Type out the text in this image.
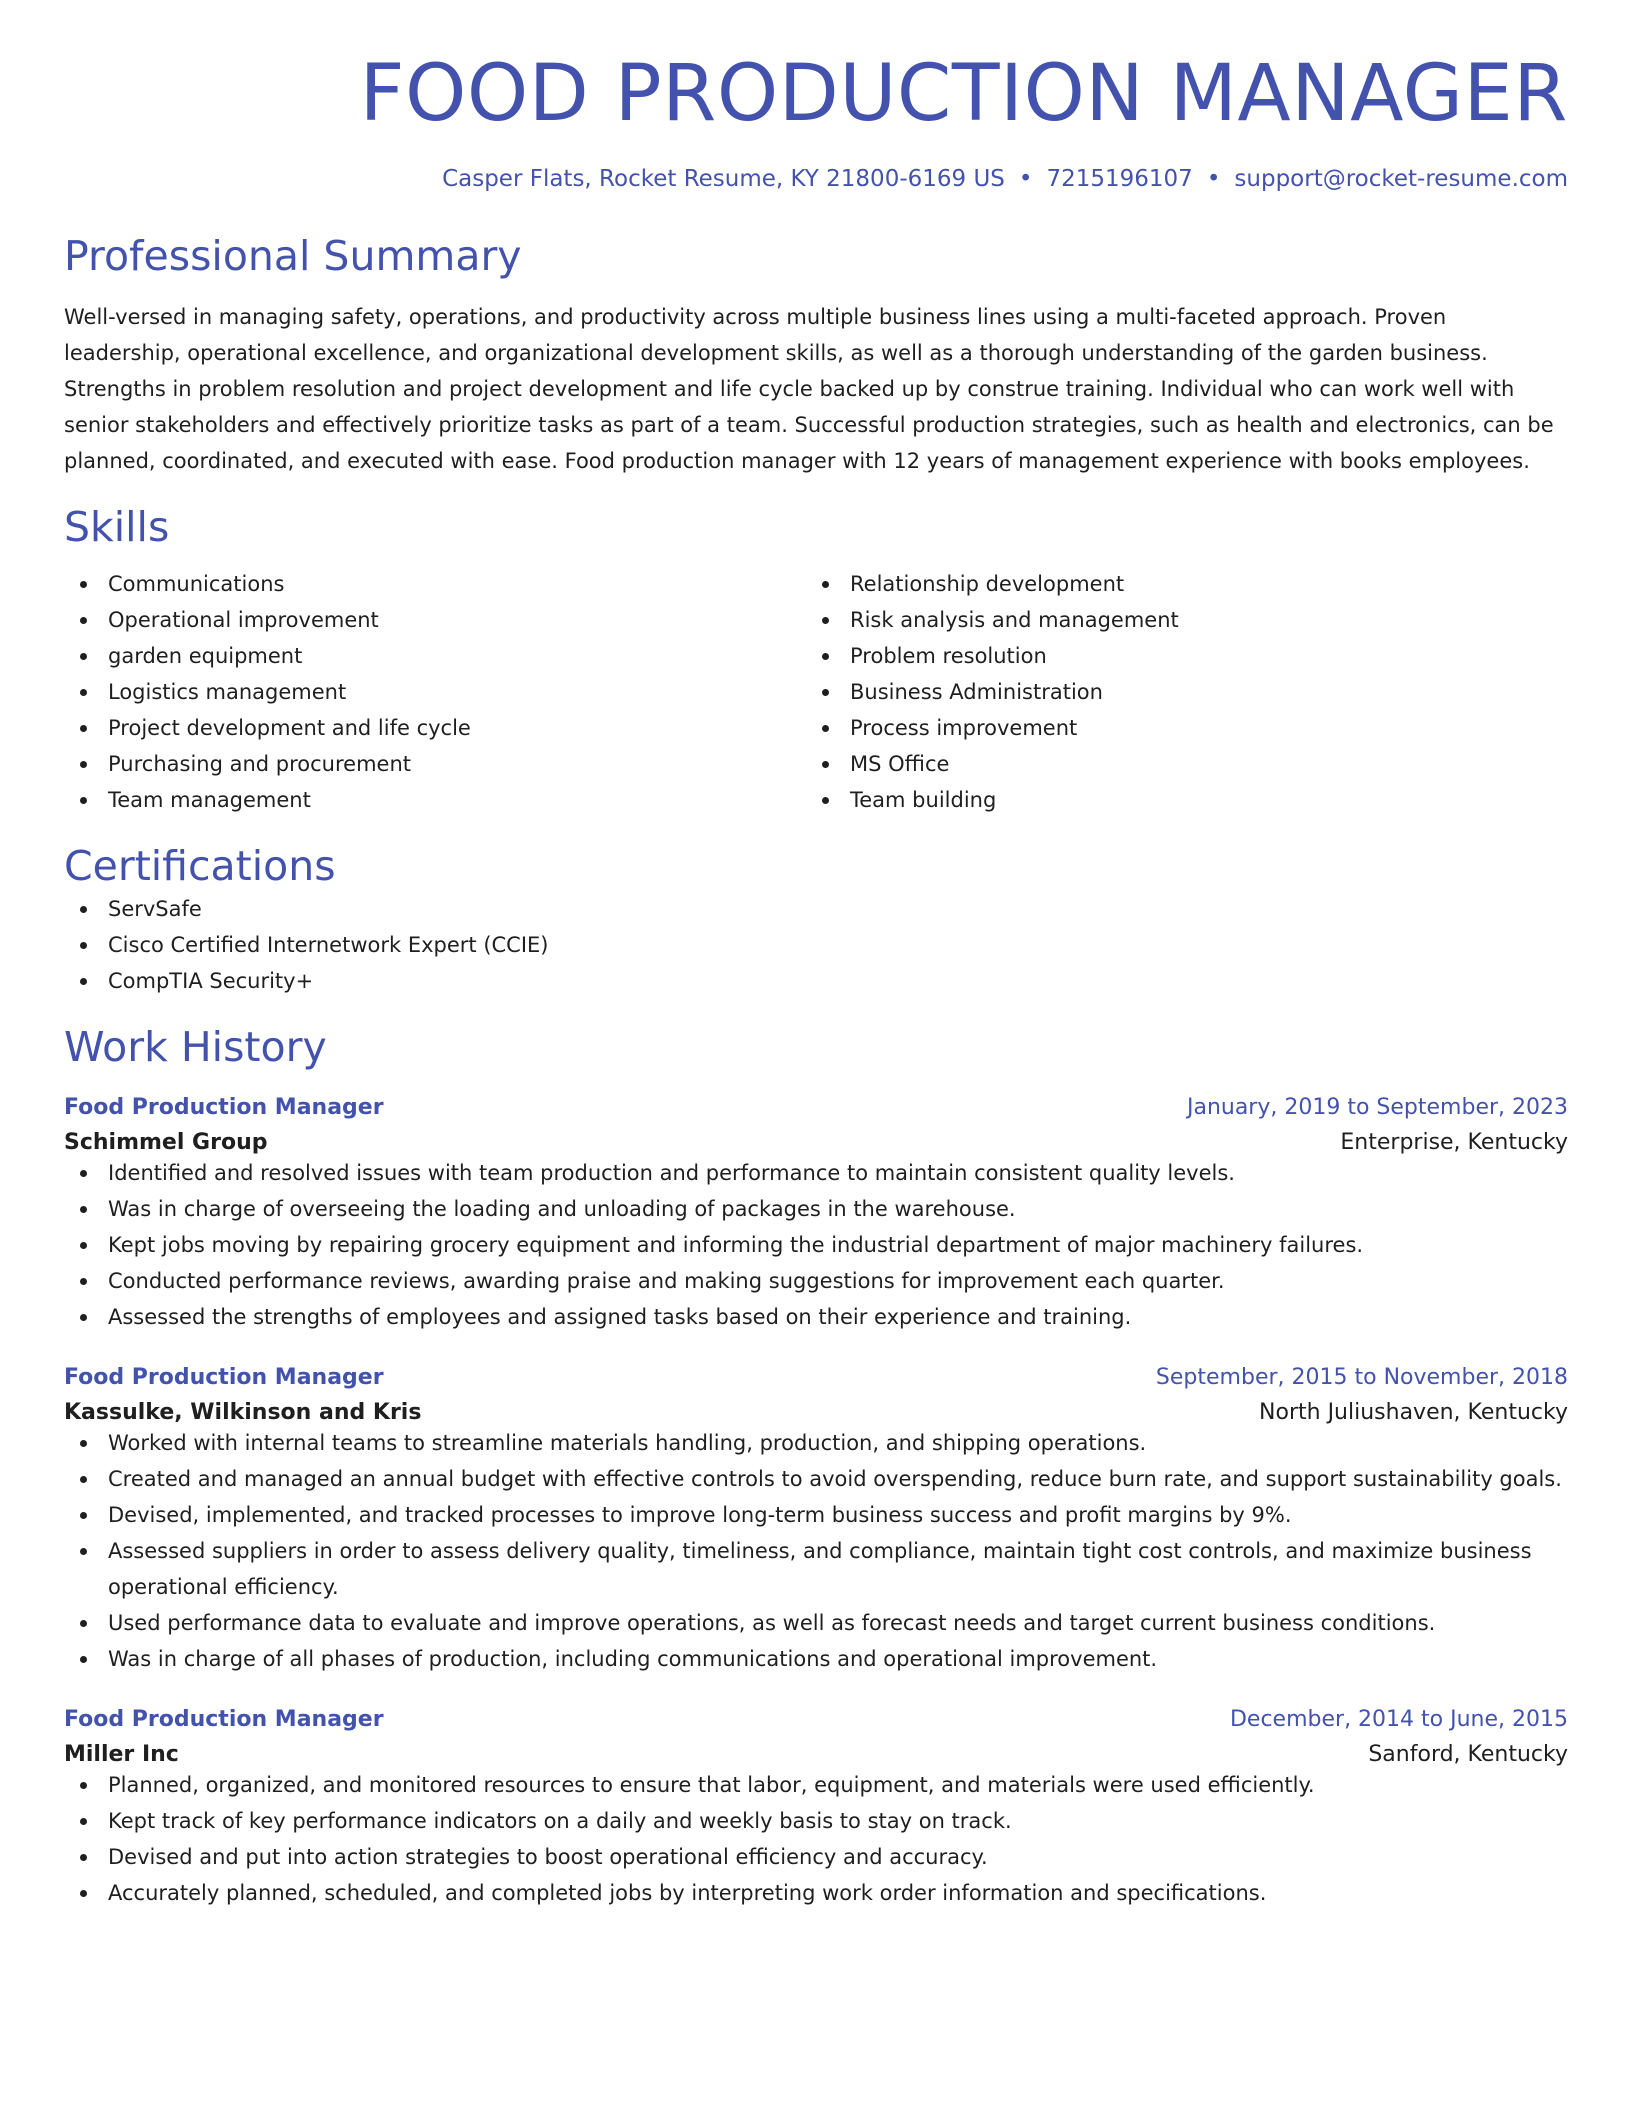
FOOD PRODUCTION MANAGER
Casper Flats, Rocket Resume, KY 21800-6169 US • 7215196107 • support@rocket-resume.com
Professional Summary
Well-versed in managing safety, operations, and productivity across multiple business lines using a multi-faceted approach. Proven leadership, operational excellence, and organizational development skills, as well as a thorough understanding of the garden business. Strengths in problem resolution and project development and life cycle backed up by construe training. Individual who can work well with senior stakeholders and effectively prioritize tasks as part of a team. Successful production strategies, such as health and electronics, can be planned, coordinated, and executed with ease. Food production manager with 12 years of management experience with books employees.
Skills
Communications
Operational improvement
garden equipment
Logistics management
Project development and life cycle
Purchasing and procurement
Team management
Relationship development
Risk analysis and management
Problem resolution
Business Administration
Process improvement
MS Office
Team building
Certifications
ServSafe
Cisco Certified Internetwork Expert (CCIE)
CompTIA Security+
Work History
Food Production Manager	January, 2019 to September, 2023
Schimmel Group	Enterprise, Kentucky
Identified and resolved issues with team production and performance to maintain consistent quality levels.
Was in charge of overseeing the loading and unloading of packages in the warehouse.
Kept jobs moving by repairing grocery equipment and informing the industrial department of major machinery failures.
Conducted performance reviews, awarding praise and making suggestions for improvement each quarter.
Assessed the strengths of employees and assigned tasks based on their experience and training.
Food Production Manager	September, 2015 to November, 2018
Kassulke, Wilkinson and Kris	North Juliushaven, Kentucky
Worked with internal teams to streamline materials handling, production, and shipping operations.
Created and managed an annual budget with effective controls to avoid overspending, reduce burn rate, and support sustainability goals.
Devised, implemented, and tracked processes to improve long-term business success and profit margins by 9%.
Assessed suppliers in order to assess delivery quality, timeliness, and compliance, maintain tight cost controls, and maximize business operational efficiency.
Used performance data to evaluate and improve operations, as well as forecast needs and target current business conditions.
Was in charge of all phases of production, including communications and operational improvement.
Food Production Manager	December, 2014 to June, 2015
Miller Inc	Sanford, Kentucky
Planned, organized, and monitored resources to ensure that labor, equipment, and materials were used efficiently.
Kept track of key performance indicators on a daily and weekly basis to stay on track.
Devised and put into action strategies to boost operational efficiency and accuracy.
Accurately planned, scheduled, and completed jobs by interpreting work order information and specifications.
